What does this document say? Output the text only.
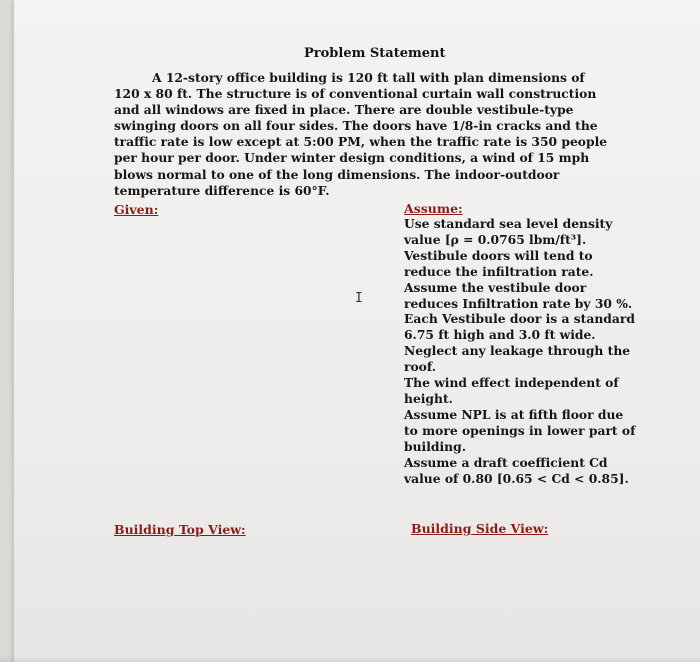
Problem Statement

A 12-story office building is 120 ft tall with plan dimensions of 120 x 80 ft. The structure is of conventional curtain wall construction and all windows are fixed in place. There are double vestibule-type swinging doors on all four sides. The doors have 1/8-in cracks and the traffic rate is low except at 5:00 PM, when the traffic rate is 350 people per hour per door. Under winter design conditions, a wind of 15 mph blows normal to one of the long dimensions. The indoor-outdoor temperature difference is 60°F.

Given:	Assume:
Use standard sea level density value [ρ = 0.0765 lbm/ft³].
Vestibule doors will tend to reduce the infiltration rate.
Assume the vestibule door reduces Infiltration rate by 30 %.
Each Vestibule door is a standard 6.75 ft high and 3.0 ft wide.
Neglect any leakage through the roof.
The wind effect independent of height.
Assume NPL is at fifth floor due to more openings in lower part of building.
Assume a draft coefficient Cd value of 0.80 [0.65 < Cd < 0.85].
I
Building Top View:	Building Side View:
